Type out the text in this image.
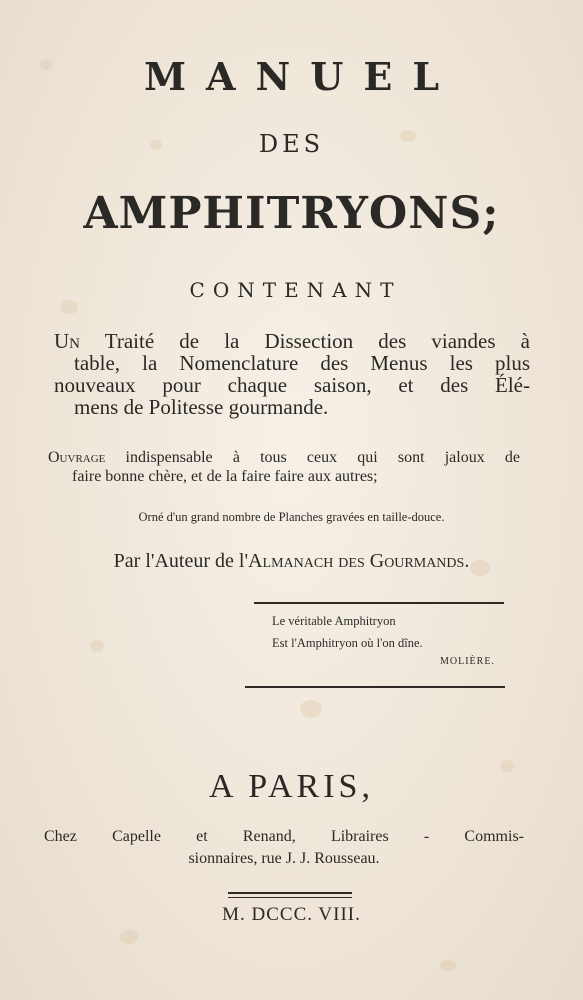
MANUEL
DES
AMPHITRYONS;
CONTENANT
Un Traité de la Dissection des viandes à
table, la Nomenclature des Menus les plus
nouveaux pour chaque saison, et des Élé-
mens de Politesse gourmande.
Ouvrage indispensable à tous ceux qui sont jaloux de
faire bonne chère, et de la faire faire aux autres;
Orné d'un grand nombre de Planches gravées en taille-douce.
Par l'Auteur de l'Almanach des Gourmands.
Le véritable Amphitryon
Est l'Amphitryon où l'on dîne.
MOLIÈRE.
A PARIS,
Chez Capelle et Renand, Libraires - Commis-
sionnaires, rue J. J. Rousseau.
M. DCCC. VIII.
